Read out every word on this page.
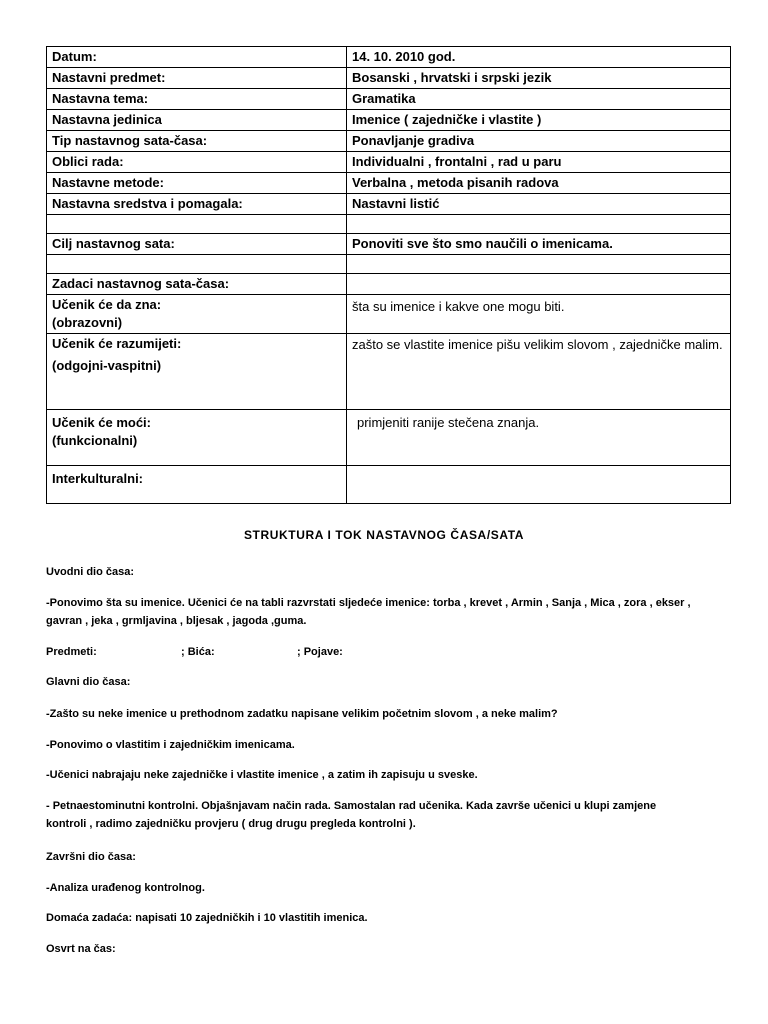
Datum:	14. 10. 2010 god.
Nastavni predmet:	Bosanski , hrvatski i srpski jezik
Nastavna tema:	Gramatika
Nastavna jedinica	Imenice ( zajedničke i vlastite )
Tip nastavnog sata-časa:	Ponavljanje gradiva
Oblici rada:	Individualni , frontalni , rad u paru
Nastavne metode:	Verbalna , metoda pisanih radova
Nastavna sredstva i pomagala:	Nastavni listić

Cilj nastavnog sata:	Ponoviti sve što smo naučili o imenicama.

Zadaci nastavnog sata-časa:	

Učenik će da zna:
(obrazovni)	šta su imenice i kakve one mogu biti.

Učenik će razumijeti:
(odgojni-vaspitni)	zašto se vlastite imenice pišu velikim slovom , zajedničke malim.

Učenik će moći:
(funkcionalni)	primjeniti ranije stečena znanja.
Interkulturalni:	
STRUKTURA I TOK NASTAVNOG ČASA/SATA
Uvodni dio časa:
-Ponovimo šta su imenice. Učenici će na tabli razvrstati sljedeće imenice: torba , krevet , Armin , Sanja , Mica , zora , ekser ,
gavran , jeka , grmljavina , bljesak , jagoda ,guma.
Predmeti:	; Bića:	; Pojave:
Glavni dio časa:
-Zašto su neke imenice u prethodnom zadatku napisane velikim početnim slovom , a neke malim?
-Ponovimo o vlastitim i zajedničkim imenicama.
-Učenici nabrajaju neke zajedničke i vlastite imenice , a zatim ih zapisuju u sveske.
- Petnaestominutni kontrolni. Objašnjavam način rada. Samostalan rad učenika. Kada završe učenici u klupi zamjene
kontroli , radimo zajedničku provjeru ( drug drugu pregleda kontrolni ).
Završni dio časa:
-Analiza urađenog kontrolnog.
Domaća zadaća: napisati 10 zajedničkih i 10 vlastitih imenica.
Osvrt na čas:
